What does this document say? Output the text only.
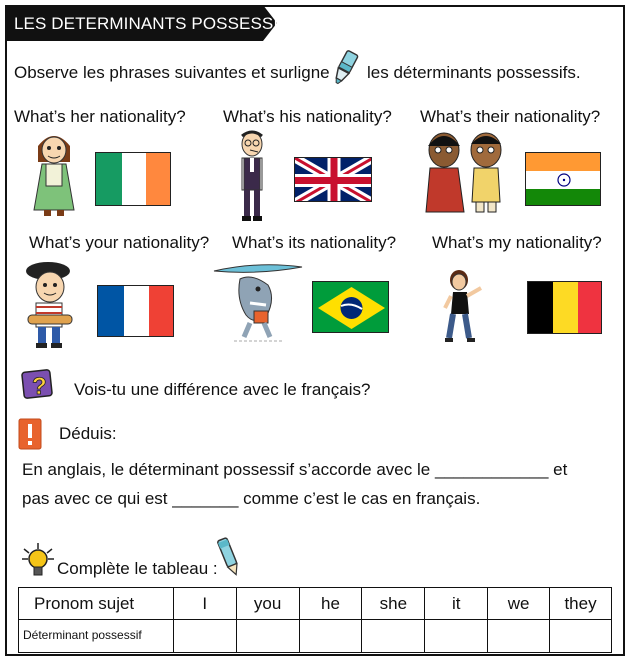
LES DETERMINANTS POSSESSIFS
Observe les phrases suivantes et surligne les déterminants possessifs.
What’s her nationality? What’s his nationality? What’s their nationality?
What’s your nationality? What’s its nationality? What’s my nationality?
? Vois-tu une différence avec le français?
Déduis:
En anglais, le déterminant possessif s’accorde avec le ____________ et
pas avec ce qui est _______ comme c’est le cas en français.
Complète le tableau :
Pronom sujet	I	you	he	she	it	we	they
Déterminant possessif							
